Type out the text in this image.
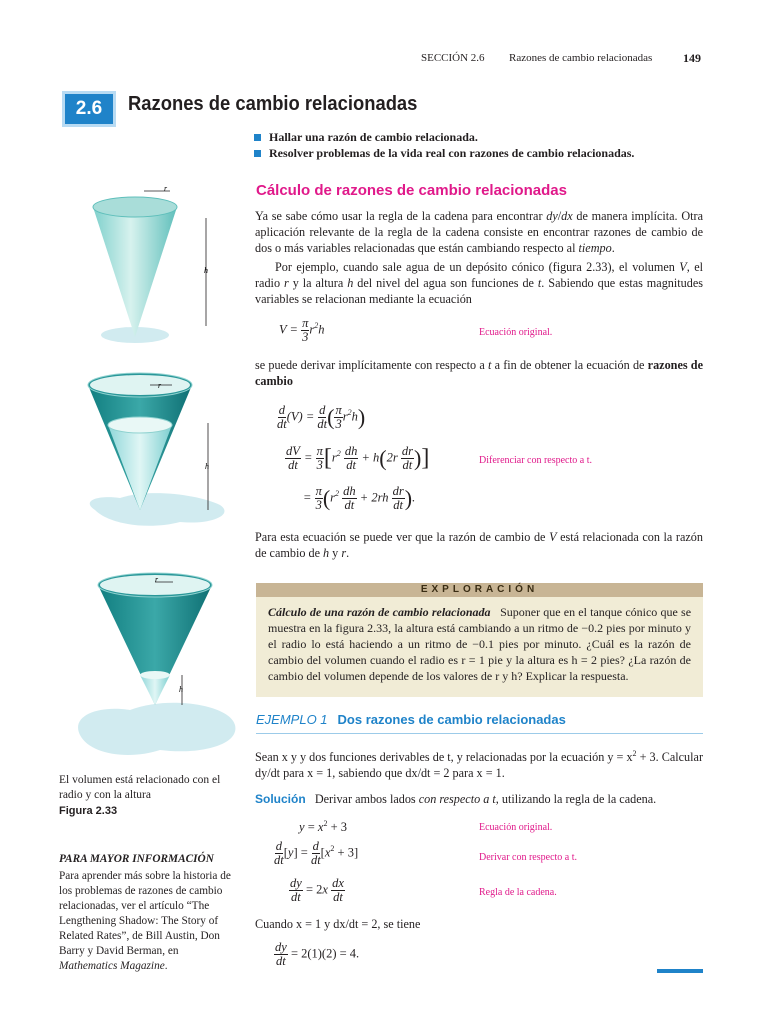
SECCIÓN 2.6 Razones de cambio relacionadas	149
2.6	Razones de cambio relacionadas
Hallar una razón de cambio relacionada.
Resolver problemas de la vida real con razones de cambio relacionadas.
Cálculo de razones de cambio relacionadas
Ya se sabe cómo usar la regla de la cadena para encontrar dy/dx de manera implícita. Otra aplicación relevante de la regla de la cadena consiste en encontrar razones de cambio de dos o más variables relacionadas que están cambiando respecto al tiempo.
Por ejemplo, cuando sale agua de un depósito cónico (figura 2.33), el volumen V, el radio r y la altura h del nivel del agua son funciones de t. Sabiendo que estas magnitudes variables se relacionan mediante la ecuación
$V = \frac{\pi}{3} r^2h$	Ecuación original.
se puede derivar implícitamente con respecto a t a fin de obtener la ecuación de razones de cambio
$\frac{d}{dt} (V) = \frac{d}{dt}$ ( $\frac{\pi}{3} r^2h$)
$\frac{dV}{dt} = \frac{\pi}{3} [r^2 \frac{dh}{dt} + h(2r \frac{dr}{dt}$ )]	Diferenciar con respecto a t.
= $\frac{\pi}{3} (r^2 \frac{dh}{dt} + 2rh \frac{dr}{dt}$ ).
Para esta ecuación se puede ver que la razón de cambio de V está relacionada con la razón de cambio de h y r.
EXPLORACIÓN
Cálculo de una razón de cambio relacionada Suponer que en el tanque cónico que se muestra en la figura 2.33, la altura está cambiando a un ritmo de −0.2 pies por minuto y el radio lo está haciendo a un ritmo de −0.1 pies por minuto. ¿Cuál es la razón de cambio del volumen cuando el radio es r = 1 pie y la altura es h = 2 pies? ¿La razón de cambio del volumen depende de los valores de r y h? Explicar la respuesta.
EJEMPLO 1 Dos razones de cambio relacionadas
Sean x y y dos funciones derivables de t, y relacionadas por la ecuación $y = x^2 + 3$. Calcular dy/dt para x = 1, sabiendo que dx/dt = 2 para x = 1.
Solución Derivar ambos lados con respecto a t, utilizando la regla de la cadena.
$y = x^2 + 3$	Ecuación original.
$\frac{d}{dt} [y] = \frac{d}{dt} [x^2 + 3]$	Derivar con respecto a t.
$\frac{dy}{dt} = 2x \frac{dx}{dt}$	Regla de la cadena.
Cuando x = 1 y dx/dt = 2, se tiene
$\frac{dy}{dt} = 2(1)(2) = 4$.
r
h
r
h
r
h
El volumen está relacionado con el radio y con la altura
Figura 2.33
PARA MAYOR INFORMACIÓN
Para aprender más sobre la historia de los problemas de razones de cambio relacionadas, ver el artículo “The Lengthening Shadow: The Story of Related Rates”, de Bill Austin, Don Barry y David Berman, en Mathematics Magazine.
